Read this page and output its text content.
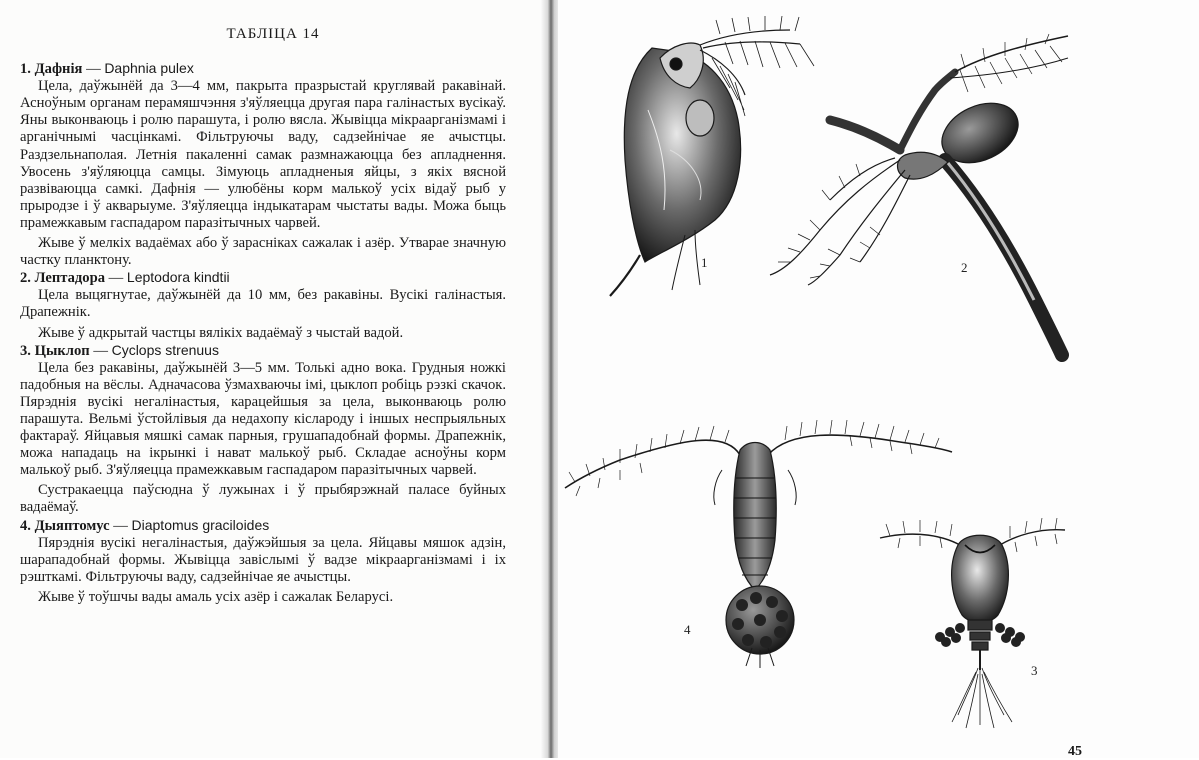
ТАБЛІЦА 14

1. Дафнія — Daphnia pulex

Цела, даўжынёй да 3—4 мм, пакрыта празрыстай круглявай ракавінай. Асноўным органам перамяшчэння з'яўляецца другая пара галінастых вусікаў. Яны выконваюць і ролю парашута, і ролю вясла. Жывіцца мікраарганізмамі і арганічнымі часцінкамі. Фільтруючы ваду, садзейнічае яе ачыстцы. Раздзельнаполая. Летнія пакаленні самак размнажаюцца без апладнення. Увосень з'яўляюцца самцы. Зімуюць апладненыя яйцы, з якіх вясной развіваюцца самкі. Дафнія — улюбёны корм малькоў усіх відаў рыб у прыродзе і ў акварыуме. З'яўляецца індыкатарам чыстаты вады. Можа быць прамежкавым гаспадаром паразітычных чарвей.

Жыве ў мелкіх вадаёмах або ў зарасніках сажалак і азёр. Утварае значную частку планктону.

2. Лептадора — Leptodora kindtii

Цела выцягнутае, даўжынёй да 10 мм, без ракавіны. Вусікі галінастыя. Драпежнік.

Жыве ў адкрытай частцы вялікіх вадаёмаў з чыстай вадой.

3. Цыклоп — Cyclops strenuus

Цела без ракавіны, даўжынёй 3—5 мм. Толькі адно вока. Грудныя ножкі падобныя на вёслы. Адначасова ўзмахваючы імі, цыклоп робіць рэзкі скачок. Пярэднія вусікі негалінастыя, карацейшыя за цела, выконваюць ролю парашута. Вельмі ўстойлівыя да недахопу кіслароду і іншых неспрыяльных фактараў. Яйцавыя мяшкі самак парныя, грушападобнай формы. Драпежнік, можа нападаць на ікрынкі і нават малькоў рыб. Складае асноўны корм малькоў рыб. З'яўляецца прамежкавым гаспадаром паразітычных чарвей.

Сустракаецца паўсюдна ў лужынах і ў прыбярэжнай паласе буйных вадаёмаў.

4. Дыяптомус — Diaptomus graciloides

Пярэднія вусікі негалінастыя, даўжэйшыя за цела. Яйцавы мяшок адзін, шарападобнай формы. Жывіцца завіслымі ў вадзе мікраарганізмамі і іх рэшткамі. Фільтруючы ваду, садзейнічае яе ачыстцы.

Жыве ў тоўшчы вады амаль усіх азёр і сажалак Беларусі.

1	2
3
4
45
